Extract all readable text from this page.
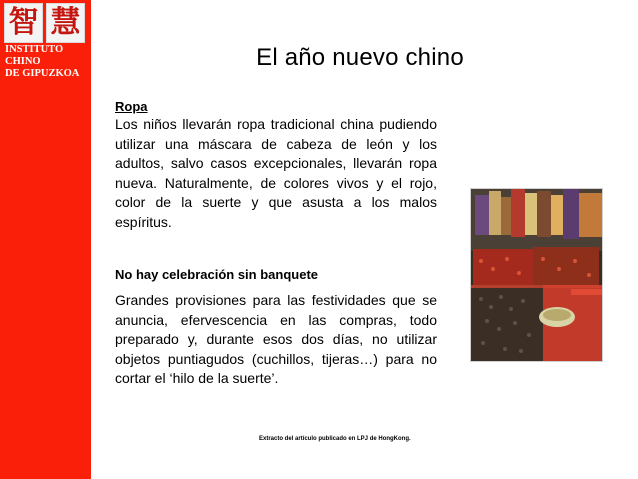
智 慧
INSTITUTO
CHINO
DE GIPUZKOA
El año nuevo chino

Ropa

Los niños llevarán ropa tradicional china pudiendo utilizar una máscara de cabeza de león y los adultos, salvo casos excepcionales, llevarán ropa nueva. Naturalmente, de colores vivos y el rojo, color de la suerte y que asusta a los malos espíritus.

No hay celebración sin banquete

Grandes provisiones para las festividades que se anuncia, efervescencia en las compras, todo preparado y, durante esos dos días, no utilizar objetos puntiagudos (cuchillos, tijeras…) para no cortar el ‘hilo de la suerte’.

Extracto del artículo publicado en LPJ de HongKong.
